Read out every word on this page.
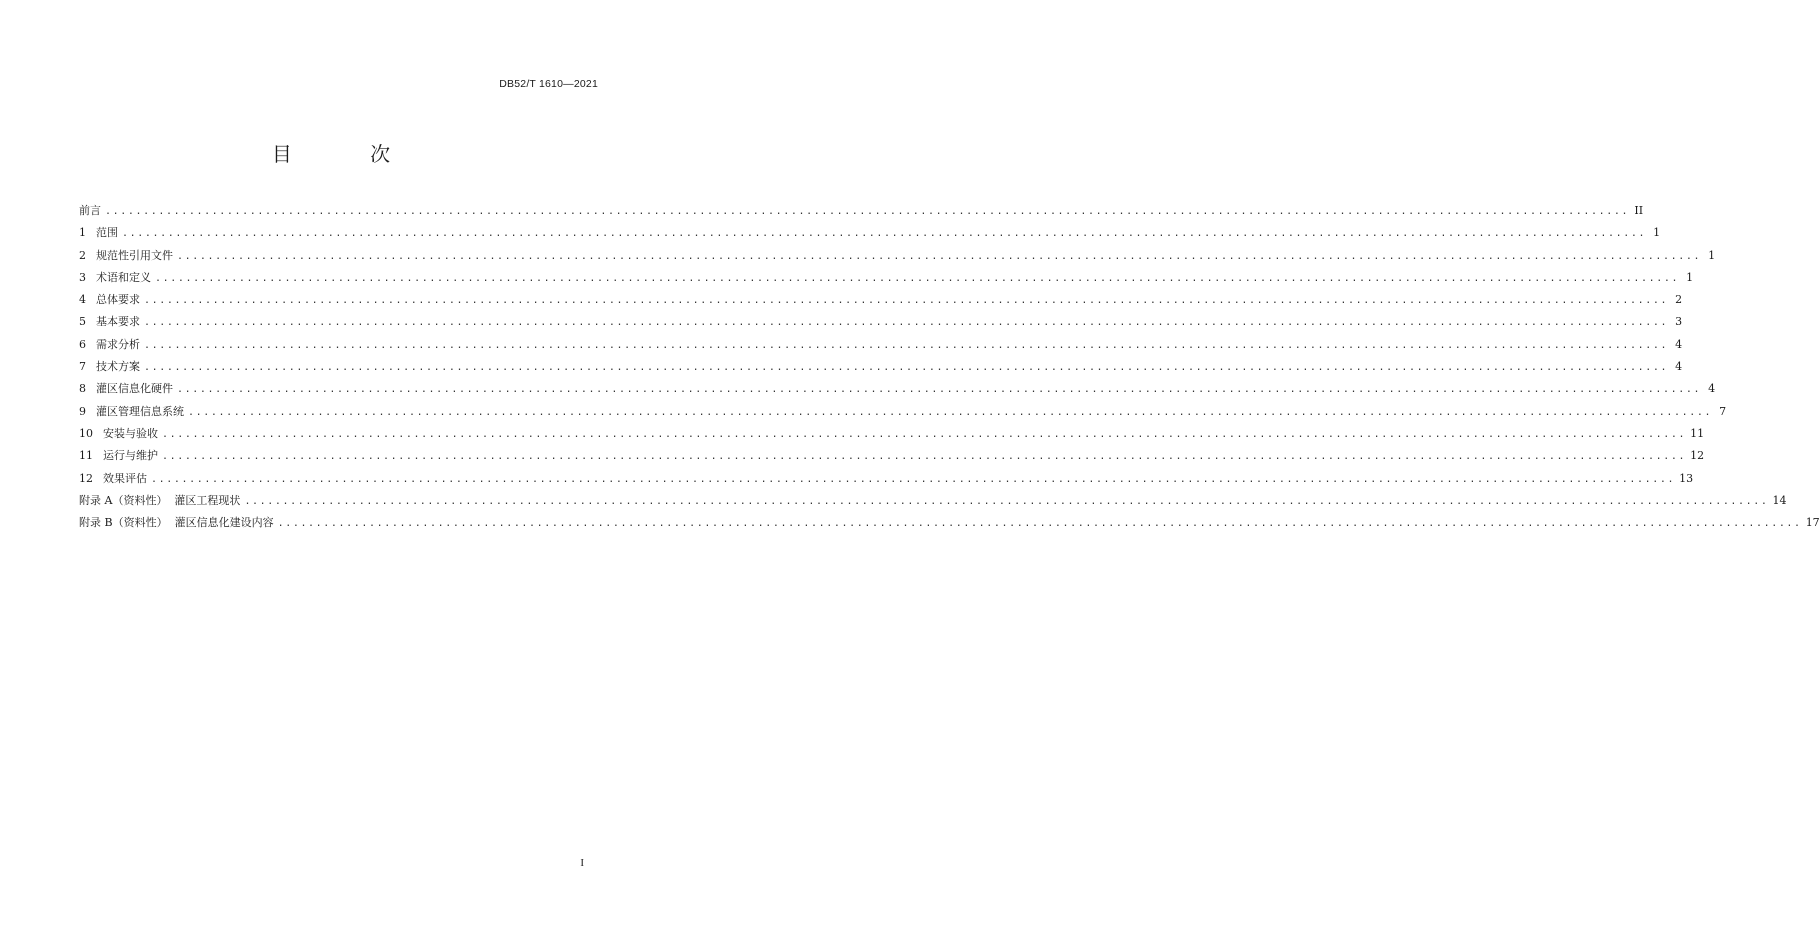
DB52/T 1610—2021
目 次
前言 ........................................................................................................................................................................................................ II
1 范围 ........................................................................................................................................................................................................ 1
2 规范性引用文件 ........................................................................................................................................................................................................ 1
3 术语和定义 ........................................................................................................................................................................................................ 1
4 总体要求 ........................................................................................................................................................................................................ 2
5 基本要求 ........................................................................................................................................................................................................ 3
6 需求分析 ........................................................................................................................................................................................................ 4
7 技术方案 ........................................................................................................................................................................................................ 4
8 灌区信息化硬件 ........................................................................................................................................................................................................ 4
9 灌区管理信息系统 ........................................................................................................................................................................................................ 7
10 安装与验收 ........................................................................................................................................................................................................ 11
11 运行与维护 ........................................................................................................................................................................................................ 12
12 效果评估 ........................................................................................................................................................................................................ 13
附录 A（资料性）  灌区工程现状 ........................................................................................................................................................................................................ 14
附录 B（资料性）  灌区信息化建设内容 ........................................................................................................................................................................................................ 17
I
